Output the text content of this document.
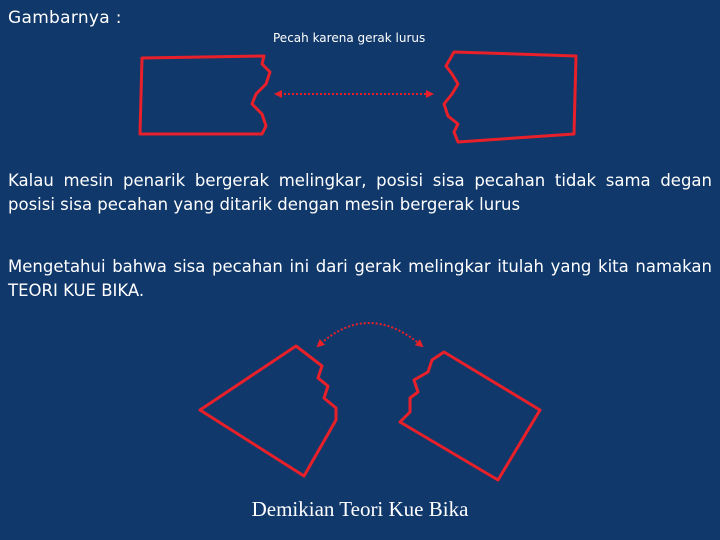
Gambarnya :
Pecah karena gerak lurus
Kalau mesin penarik bergerak melingkar, posisi sisa pecahan tidak sama degan posisi sisa pecahan yang ditarik dengan mesin bergerak lurus
Mengetahui bahwa sisa pecahan ini dari gerak melingkar itulah yang kita namakan TEORI KUE BIKA.
Demikian Teori Kue Bika
